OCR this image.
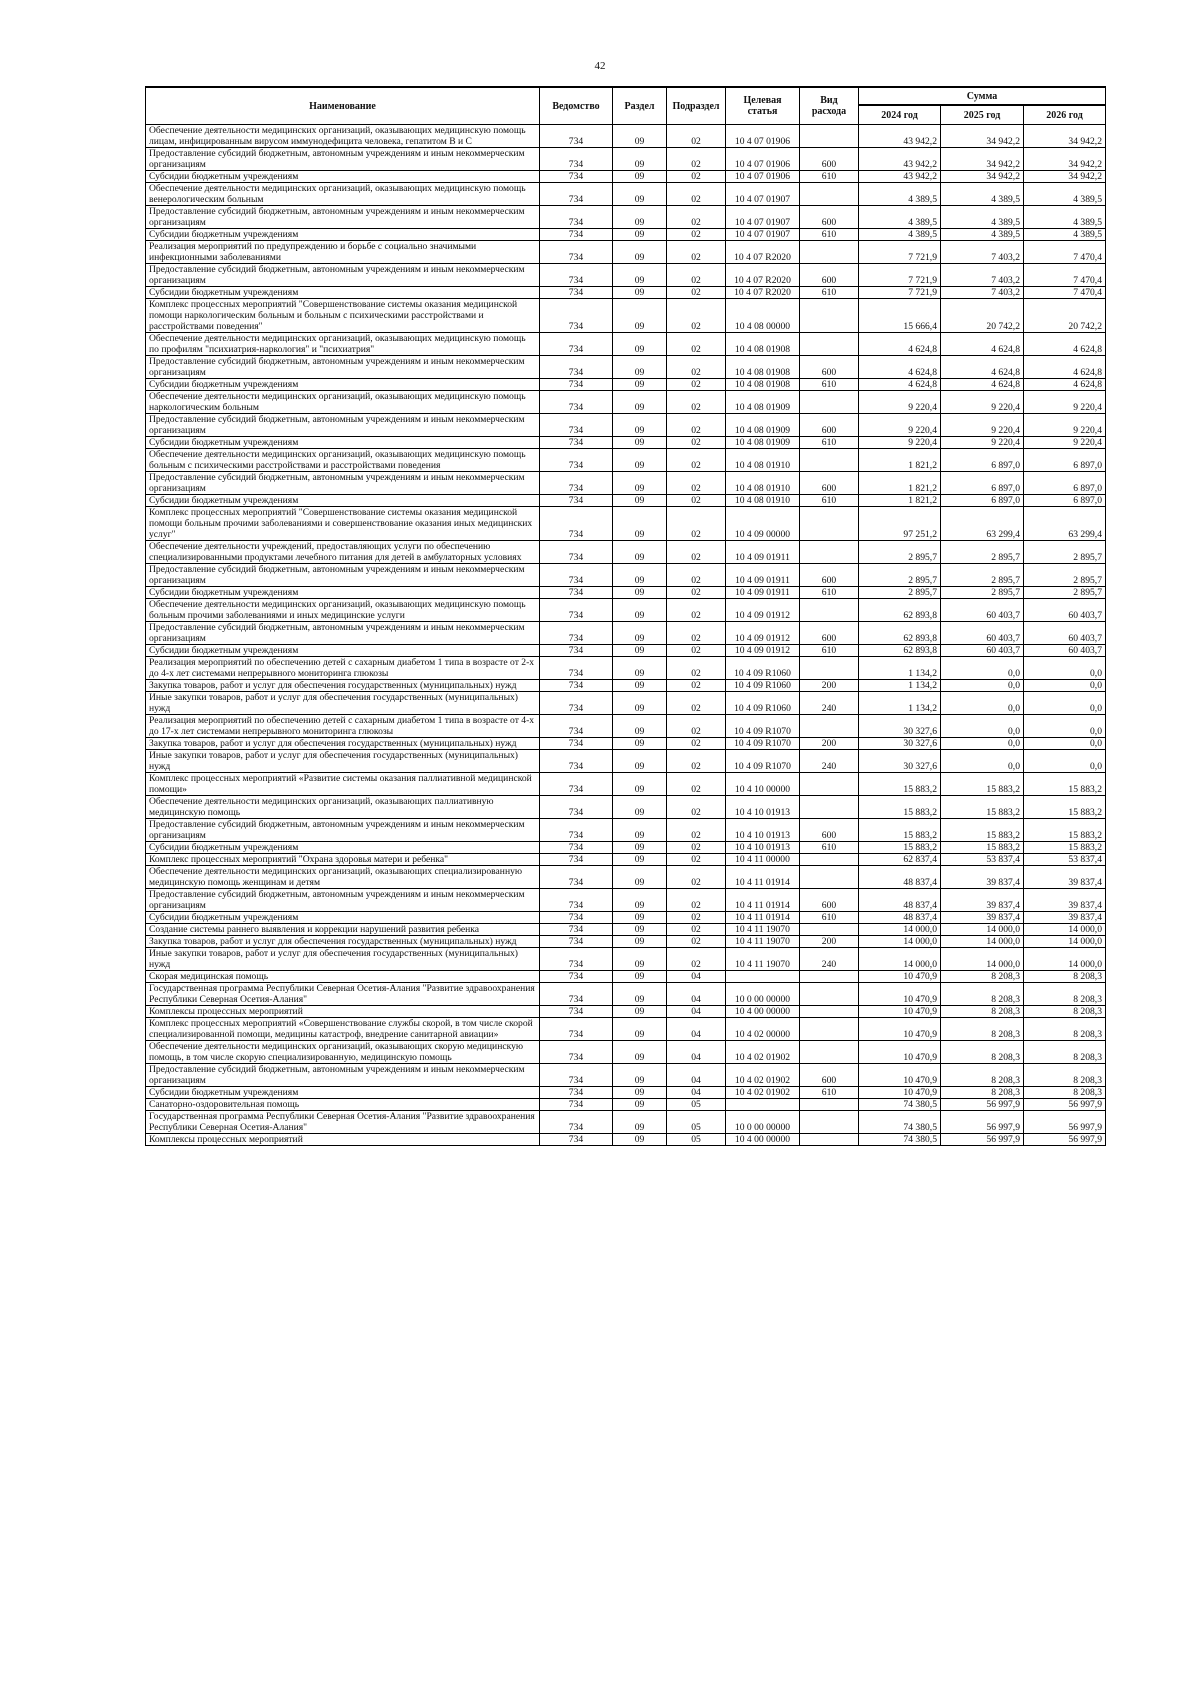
42
Наименование	Ведомство	Раздел	Подраздел	Целевая статья	Вид расхода	Сумма		
						2024 год	2025 год	2026 год
Обеспечение деятельности медицинских организаций, оказывающих медицинскую помощь лицам, инфицированным вирусом иммунодефицита человека, гепатитом В и С	734	09	02	10 4 07 01906		43 942,2	34 942,2	34 942,2
Предоставление субсидий бюджетным, автономным учреждениям и иным некоммерческим организациям	734	09	02	10 4 07 01906	600	43 942,2	34 942,2	34 942,2
Субсидии бюджетным учреждениям	734	09	02	10 4 07 01906	610	43 942,2	34 942,2	34 942,2
Обеспечение деятельности медицинских организаций, оказывающих медицинскую помощь венерологическим больным	734	09	02	10 4 07 01907		4 389,5	4 389,5	4 389,5
Предоставление субсидий бюджетным, автономным учреждениям и иным некоммерческим организациям	734	09	02	10 4 07 01907	600	4 389,5	4 389,5	4 389,5
Субсидии бюджетным учреждениям	734	09	02	10 4 07 01907	610	4 389,5	4 389,5	4 389,5
Реализация мероприятий по предупреждению и борьбе с социально значимыми инфекционными заболеваниями	734	09	02	10 4 07 R2020		7 721,9	7 403,2	7 470,4
Предоставление субсидий бюджетным, автономным учреждениям и иным некоммерческим организациям	734	09	02	10 4 07 R2020	600	7 721,9	7 403,2	7 470,4
Субсидии бюджетным учреждениям	734	09	02	10 4 07 R2020	610	7 721,9	7 403,2	7 470,4
Комплекс процессных мероприятий "Совершенствование системы оказания медицинской помощи наркологическим больным и больным с психическими расстройствами и расстройствами поведения"	734	09	02	10 4 08 00000		15 666,4	20 742,2	20 742,2
Обеспечение деятельности медицинских организаций, оказывающих медицинскую помощь по профилям "психиатрия-наркология" и "психиатрия"	734	09	02	10 4 08 01908		4 624,8	4 624,8	4 624,8
Предоставление субсидий бюджетным, автономным учреждениям и иным некоммерческим организациям	734	09	02	10 4 08 01908	600	4 624,8	4 624,8	4 624,8
Субсидии бюджетным учреждениям	734	09	02	10 4 08 01908	610	4 624,8	4 624,8	4 624,8
Обеспечение деятельности медицинских организаций, оказывающих медицинскую помощь наркологическим больным	734	09	02	10 4 08 01909		9 220,4	9 220,4	9 220,4
Предоставление субсидий бюджетным, автономным учреждениям и иным некоммерческим организациям	734	09	02	10 4 08 01909	600	9 220,4	9 220,4	9 220,4
Субсидии бюджетным учреждениям	734	09	02	10 4 08 01909	610	9 220,4	9 220,4	9 220,4
Обеспечение деятельности медицинских организаций, оказывающих медицинскую помощь больным с психическими расстройствами и расстройствами поведения	734	09	02	10 4 08 01910		1 821,2	6 897,0	6 897,0
Предоставление субсидий бюджетным, автономным учреждениям и иным некоммерческим организациям	734	09	02	10 4 08 01910	600	1 821,2	6 897,0	6 897,0
Субсидии бюджетным учреждениям	734	09	02	10 4 08 01910	610	1 821,2	6 897,0	6 897,0
Комплекс процессных мероприятий "Совершенствование системы оказания медицинской помощи больным прочими заболеваниями и совершенствование оказания иных медицинских услуг"	734	09	02	10 4 09 00000		97 251,2	63 299,4	63 299,4
Обеспечение деятельности учреждений, предоставляющих услуги по обеспечению специализированными продуктами лечебного питания для детей в амбулаторных условиях	734	09	02	10 4 09 01911		2 895,7	2 895,7	2 895,7
Предоставление субсидий бюджетным, автономным учреждениям и иным некоммерческим организациям	734	09	02	10 4 09 01911	600	2 895,7	2 895,7	2 895,7
Субсидии бюджетным учреждениям	734	09	02	10 4 09 01911	610	2 895,7	2 895,7	2 895,7
Обеспечение деятельности медицинских организаций, оказывающих медицинскую помощь больным прочими заболеваниями и иных медицинские услуги	734	09	02	10 4 09 01912		62 893,8	60 403,7	60 403,7
Предоставление субсидий бюджетным, автономным учреждениям и иным некоммерческим организациям	734	09	02	10 4 09 01912	600	62 893,8	60 403,7	60 403,7
Субсидии бюджетным учреждениям	734	09	02	10 4 09 01912	610	62 893,8	60 403,7	60 403,7
Реализация мероприятий по обеспечению детей с сахарным диабетом 1 типа в возрасте от 2-х до 4-х лет системами непрерывного мониторинга глюкозы	734	09	02	10 4 09 R1060		1 134,2	0,0	0,0
Закупка товаров, работ и услуг для обеспечения государственных (муниципальных) нужд	734	09	02	10 4 09 R1060	200	1 134,2	0,0	0,0
Иные закупки товаров, работ и услуг для обеспечения государственных (муниципальных) нужд	734	09	02	10 4 09 R1060	240	1 134,2	0,0	0,0
Реализация мероприятий по обеспечению детей с сахарным диабетом 1 типа в возрасте от 4-х до 17-х лет системами непрерывного мониторинга глюкозы	734	09	02	10 4 09 R1070		30 327,6	0,0	0,0
Закупка товаров, работ и услуг для обеспечения государственных (муниципальных) нужд	734	09	02	10 4 09 R1070	200	30 327,6	0,0	0,0
Иные закупки товаров, работ и услуг для обеспечения государственных (муниципальных) нужд	734	09	02	10 4 09 R1070	240	30 327,6	0,0	0,0
Комплекс процессных мероприятий «Развитие системы оказания паллиативной медицинской помощи»	734	09	02	10 4 10 00000		15 883,2	15 883,2	15 883,2
Обеспечение деятельности медицинских организаций, оказывающих паллиативную медицинскую помощь	734	09	02	10 4 10 01913		15 883,2	15 883,2	15 883,2
Предоставление субсидий бюджетным, автономным учреждениям и иным некоммерческим организациям	734	09	02	10 4 10 01913	600	15 883,2	15 883,2	15 883,2
Субсидии бюджетным учреждениям	734	09	02	10 4 10 01913	610	15 883,2	15 883,2	15 883,2
Комплекс процессных мероприятий "Охрана здоровья матери и ребенка"	734	09	02	10 4 11 00000		62 837,4	53 837,4	53 837,4
Обеспечение деятельности медицинских организаций, оказывающих специализированную медицинскую помощь женщинам и детям	734	09	02	10 4 11 01914		48 837,4	39 837,4	39 837,4
Предоставление субсидий бюджетным, автономным учреждениям и иным некоммерческим организациям	734	09	02	10 4 11 01914	600	48 837,4	39 837,4	39 837,4
Субсидии бюджетным учреждениям	734	09	02	10 4 11 01914	610	48 837,4	39 837,4	39 837,4
Создание системы раннего выявления и коррекции нарушений развития ребенка	734	09	02	10 4 11 19070		14 000,0	14 000,0	14 000,0
Закупка товаров, работ и услуг для обеспечения государственных (муниципальных) нужд	734	09	02	10 4 11 19070	200	14 000,0	14 000,0	14 000,0
Иные закупки товаров, работ и услуг для обеспечения государственных (муниципальных) нужд	734	09	02	10 4 11 19070	240	14 000,0	14 000,0	14 000,0
Скорая медицинская помощь	734	09	04			10 470,9	8 208,3	8 208,3
Государственная программа Республики Северная Осетия-Алания "Развитие здравоохранения Республики Северная Осетия-Алания"	734	09	04	10 0 00 00000		10 470,9	8 208,3	8 208,3
Комплексы процессных мероприятий	734	09	04	10 4 00 00000		10 470,9	8 208,3	8 208,3
Комплекс процессных мероприятий «Совершенствование службы скорой, в том числе скорой специализированной помощи, медицины катастроф, внедрение санитарной авиации»	734	09	04	10 4 02 00000		10 470,9	8 208,3	8 208,3
Обеспечение деятельности медицинских организаций, оказывающих скорую медицинскую помощь, в том числе скорую специализированную, медицинскую помощь	734	09	04	10 4 02 01902		10 470,9	8 208,3	8 208,3
Предоставление субсидий бюджетным, автономным учреждениям и иным некоммерческим организациям	734	09	04	10 4 02 01902	600	10 470,9	8 208,3	8 208,3
Субсидии бюджетным учреждениям	734	09	04	10 4 02 01902	610	10 470,9	8 208,3	8 208,3
Санаторно-оздоровительная помощь	734	09	05			74 380,5	56 997,9	56 997,9
Государственная программа Республики Северная Осетия-Алания "Развитие здравоохранения Республики Северная Осетия-Алания"	734	09	05	10 0 00 00000		74 380,5	56 997,9	56 997,9
Комплексы процессных мероприятий	734	09	05	10 4 00 00000		74 380,5	56 997,9	56 997,9
